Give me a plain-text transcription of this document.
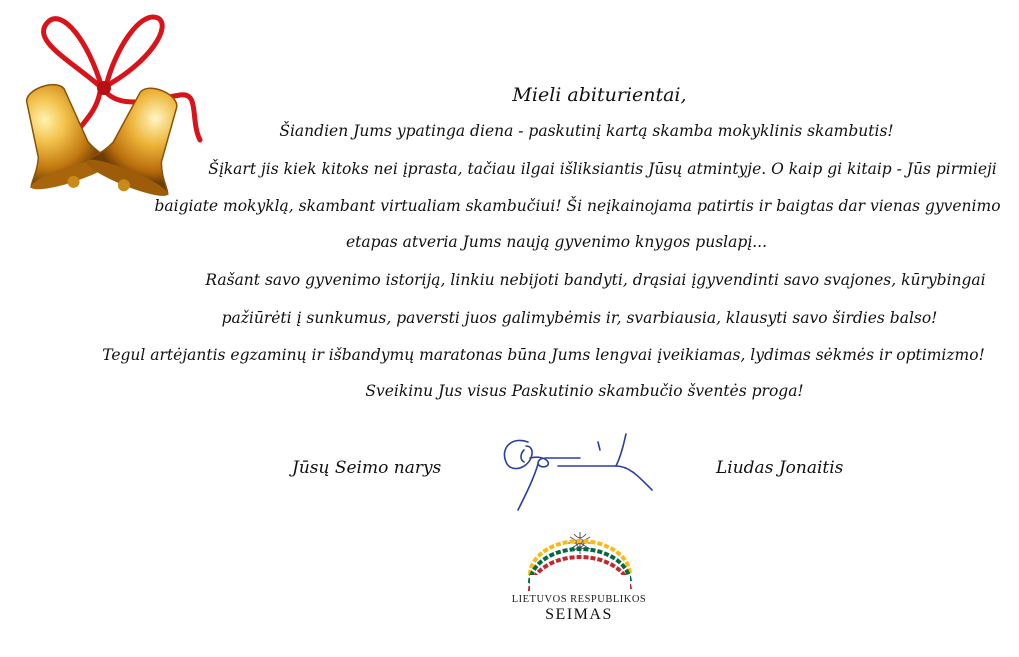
Mieli abiturientai,
Šiandien Jums ypatinga diena - paskutinį kartą skamba mokyklinis skambutis!
Šįkart jis kiek kitoks nei įprasta, tačiau ilgai išliksiantis Jūsų atmintyje. O kaip gi kitaip - Jūs pirmieji
baigiate mokyklą, skambant virtualiam skambučiui! Ši neįkainojama patirtis ir baigtas dar vienas gyvenimo
etapas atveria Jums naują gyvenimo knygos puslapį...
Rašant savo gyvenimo istoriją, linkiu nebijoti bandyti, drąsiai įgyvendinti savo svajones, kūrybingai
pažiūrėti į sunkumus, paversti juos galimybėmis ir, svarbiausia, klausyti savo širdies balso!
Tegul artėjantis egzaminų ir išbandymų maratonas būna Jums lengvai įveikiamas, lydimas sėkmės ir optimizmo!
Sveikinu Jus visus Paskutinio skambučio šventės proga!
Jūsų Seimo narys	Liudas Jonaitis
LIETUVOS RESPUBLIKOS
SEIMAS
